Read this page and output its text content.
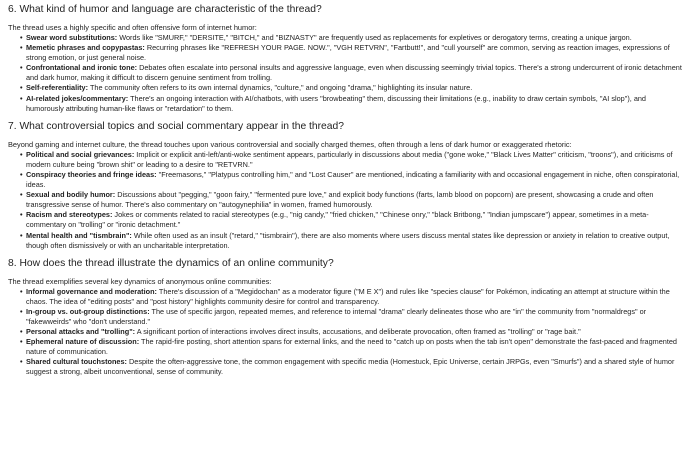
6. What kind of humor and language are characteristic of the thread?

The thread uses a highly specific and often offensive form of internet humor:

• Swear word substitutions: Words like "SMURF," "DERSITE," "BITCH," and "BIZNASTY" are frequently used as replacements for expletives or derogatory terms, creating a unique jargon.
• Memetic phrases and copypastas: Recurring phrases like "REFRESH YOUR PAGE. NOW.", "VGH RETVRN", "Fartbutt!", and "cull yourself" are common, serving as reaction images, expressions of strong emotion, or just general noise.
• Confrontational and ironic tone: Debates often escalate into personal insults and aggressive language, even when discussing seemingly trivial topics. There's a strong undercurrent of ironic detachment and dark humor, making it difficult to discern genuine sentiment from trolling.
• Self-referentiality: The community often refers to its own internal dynamics, "culture," and ongoing "drama," highlighting its insular nature.
• AI-related jokes/commentary: There's an ongoing interaction with AI/chatbots, with users "browbeating" them, discussing their limitations (e.g., inability to draw certain symbols, "AI slop"), and humorously attributing human-like flaws or "retardation" to them.
7. What controversial topics and social commentary appear in the thread?

Beyond gaming and internet culture, the thread touches upon various controversial and socially charged themes, often through a lens of dark humor or exaggerated rhetoric:

• Political and social grievances: Implicit or explicit anti-left/anti-woke sentiment appears, particularly in discussions about media ("gone woke," "Black Lives Matter" criticism, "troons"), and criticisms of modern culture being "brown shit" or leading to a desire to "RETVRN."
• Conspiracy theories and fringe ideas: "Freemasons," "Platypus controlling him," and "Lost Causer" are mentioned, indicating a familiarity with and occasional engagement in niche, often conspiratorial, ideas.
• Sexual and bodily humor: Discussions about "pegging," "goon fairy," "fermented pure love," and explicit body functions (farts, lamb blood on popcorn) are present, showcasing a crude and often transgressive sense of humor. There's also commentary on "autogynephilia" in women, framed humorously.
• Racism and stereotypes: Jokes or comments related to racial stereotypes (e.g., "nig candy," "fried chicken," "Chinese onry," "black Britbong," "Indian jumpscare") appear, sometimes in a meta-commentary on "trolling" or "ironic detachment."
• Mental health and "tismbrain": While often used as an insult ("retard," "tismbrain"), there are also moments where users discuss mental states like depression or anxiety in relation to creative output, though often dismissively or with an uncharitable interpretation.
8. How does the thread illustrate the dynamics of an online community?

The thread exemplifies several key dynamics of anonymous online communities:

• Informal governance and moderation: There's discussion of a "Megidochan" as a moderator figure ("M E X") and rules like "species clause" for Pokémon, indicating an attempt at structure within the chaos. The idea of "editing posts" and "post history" highlights community desire for control and transparency.
• In-group vs. out-group distinctions: The use of specific jargon, repeated memes, and reference to internal "drama" clearly delineates those who are "in" the community from "normaldregs" or "fakewweirds" who "don't understand."
• Personal attacks and "trolling": A significant portion of interactions involves direct insults, accusations, and deliberate provocation, often framed as "trolling" or "rage bait."
• Ephemeral nature of discussion: The rapid-fire posting, short attention spans for external links, and the need to "catch up on posts when the tab isn't open" demonstrate the fast-paced and fragmented nature of communication.
• Shared cultural touchstones: Despite the often-aggressive tone, the common engagement with specific media (Homestuck, Epic Universe, certain JRPGs, even "Smurfs") and a shared style of humor suggest a strong, albeit unconventional, sense of community.
